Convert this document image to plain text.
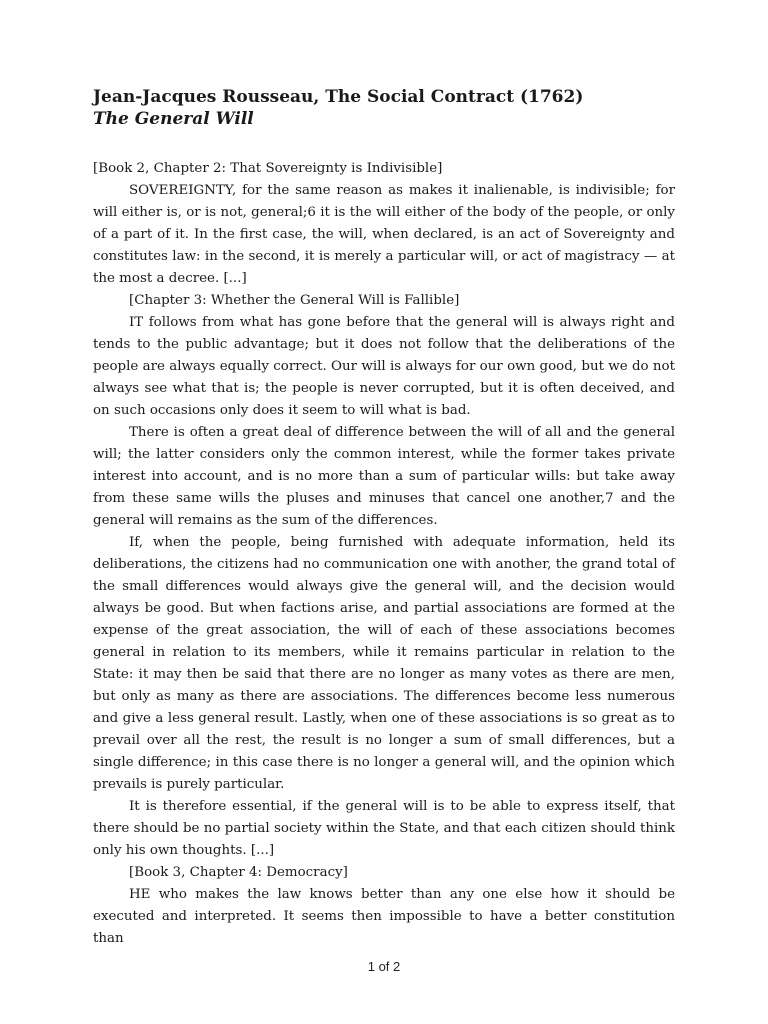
Jean-Jacques Rousseau, The Social Contract (1762)
The General Will

[Book 2, Chapter 2: That Sovereignty is Indivisible]

SOVEREIGNTY, for the same reason as makes it inalienable, is indivisible; for will either is, or is not, general;6 it is the will either of the body of the people, or only of a part of it. In the first case, the will, when declared, is an act of Sovereignty and constitutes law: in the second, it is merely a particular will, or act of magistracy — at the most a decree. [...]

[Chapter 3: Whether the General Will is Fallible]

IT follows from what has gone before that the general will is always right and tends to the public advantage; but it does not follow that the deliberations of the people are always equally correct. Our will is always for our own good, but we do not always see what that is; the people is never corrupted, but it is often deceived, and on such occasions only does it seem to will what is bad.

There is often a great deal of difference between the will of all and the general will; the latter considers only the common interest, while the former takes private interest into account, and is no more than a sum of particular wills: but take away from these same wills the pluses and minuses that cancel one another,7 and the general will remains as the sum of the differences.

If, when the people, being furnished with adequate information, held its deliberations, the citizens had no communication one with another, the grand total of the small differences would always give the general will, and the decision would always be good. But when factions arise, and partial associations are formed at the expense of the great association, the will of each of these associations becomes general in relation to its members, while it remains particular in relation to the State: it may then be said that there are no longer as many votes as there are men, but only as many as there are associations. The differences become less numerous and give a less general result. Lastly, when one of these associations is so great as to prevail over all the rest, the result is no longer a sum of small differences, but a single difference; in this case there is no longer a general will, and the opinion which prevails is purely particular.

It is therefore essential, if the general will is to be able to express itself, that there should be no partial society within the State, and that each citizen should think only his own thoughts. [...]

[Book 3, Chapter 4: Democracy]

HE who makes the law knows better than any one else how it should be executed and interpreted. It seems then impossible to have a better constitution than

1 of 2
